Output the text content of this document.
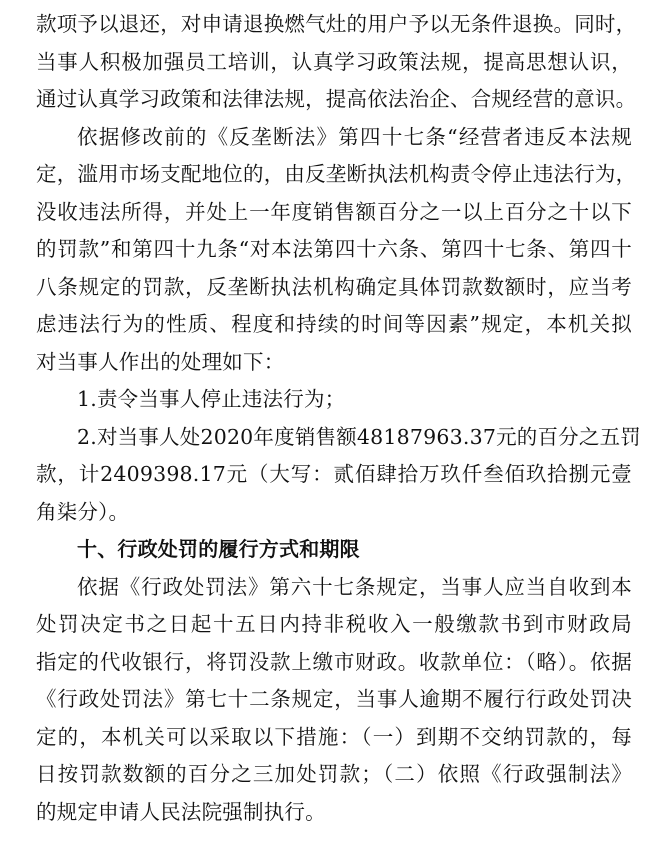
款项予以退还，对申请退换燃气灶的用户予以无条件退换。同时，
当事人积极加强员工培训，认真学习政策法规，提高思想认识，
通过认真学习政策和法律法规，提高依法治企、合规经营的意识。
依据修改前的《反垄断法》第四十七条“经营者违反本法规
定，滥用市场支配地位的，由反垄断执法机构责令停止违法行为，
没收违法所得，并处上一年度销售额百分之一以上百分之十以下
的罚款”和第四十九条“对本法第四十六条、第四十七条、第四十
八条规定的罚款，反垄断执法机构确定具体罚款数额时，应当考
虑违法行为的性质、程度和持续的时间等因素”规定，本机关拟
对当事人作出的处理如下：
1.责令当事人停止违法行为；
2.对当事人处2020年度销售额48187963.37元的百分之五罚
款，计2409398.17元（大写：贰佰肆拾万玖仟叁佰玖拾捌元壹
角柒分）。
十、行政处罚的履行方式和期限
依据《行政处罚法》第六十七条规定，当事人应当自收到本
处罚决定书之日起十五日内持非税收入一般缴款书到市财政局
指定的代收银行，将罚没款上缴市财政。收款单位：（略）。依据
《行政处罚法》第七十二条规定，当事人逾期不履行行政处罚决
定的，本机关可以采取以下措施：（一）到期不交纳罚款的，每
日按罚款数额的百分之三加处罚款；（二）依照《行政强制法》
的规定申请人民法院强制执行。
